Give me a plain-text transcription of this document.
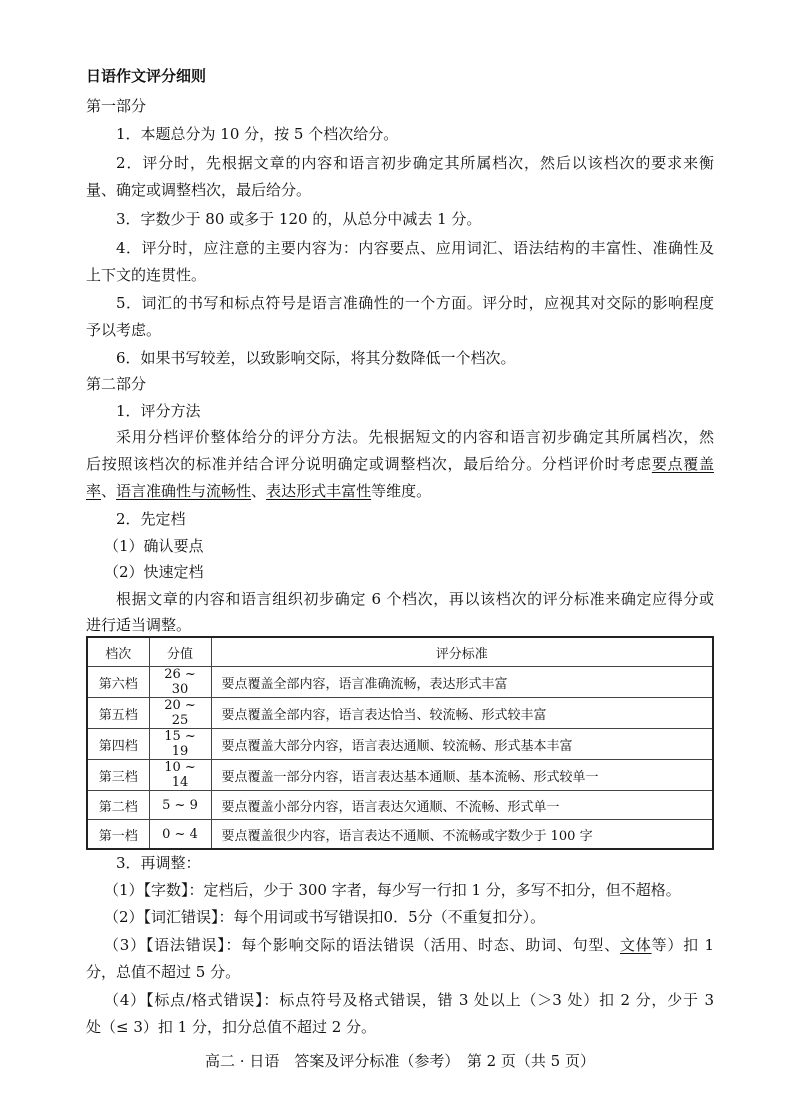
日语作文评分细则
第一部分
1．本题总分为 10 分，按 5 个档次给分。
2．评分时，先根据文章的内容和语言初步确定其所属档次，然后以该档次的要求来衡
量、确定或调整档次，最后给分。
3．字数少于 80 或多于 120 的，从总分中减去 1 分。
4．评分时，应注意的主要内容为：内容要点、应用词汇、语法结构的丰富性、准确性及
上下文的连贯性。
5．词汇的书写和标点符号是语言准确性的一个方面。评分时，应视其对交际的影响程度
予以考虑。
6．如果书写较差，以致影响交际，将其分数降低一个档次。
第二部分
1．评分方法
采用分档评价整体给分的评分方法。先根据短文的内容和语言初步确定其所属档次，然
后按照该档次的标准并结合评分说明确定或调整档次，最后给分。分档评价时考虑要点覆盖
率、语言准确性与流畅性、表达形式丰富性等维度。
2．先定档
（1）确认要点
（2）快速定档
根据文章的内容和语言组织初步确定 6 个档次，再以该档次的评分标准来确定应得分或
进行适当调整。
档次	分值	评分标准
第六档	26 ~ 30	要点覆盖全部内容，语言准确流畅，表达形式丰富
第五档	20 ~ 25	要点覆盖全部内容，语言表达恰当、较流畅、形式较丰富
第四档	15 ~ 19	要点覆盖大部分内容，语言表达通顺、较流畅、形式基本丰富
第三档	10 ~ 14	要点覆盖一部分内容，语言表达基本通顺、基本流畅、形式较单一
第二档	5 ~ 9	要点覆盖小部分内容，语言表达欠通顺、不流畅、形式单一
第一档	0 ~ 4	要点覆盖很少内容，语言表达不通顺、不流畅或字数少于 100 字
3．再调整：
（1）【字数】：定档后，少于 300 字者，每少写一行扣 1 分，多写不扣分，但不超格。
（2）【词汇错误】：每个用词或书写错误扣0．5分（不重复扣分）。
（3）【语法错误】：每个影响交际的语法错误（活用、时态、助词、句型、文体等）扣 1
分，总值不超过 5 分。
（4）【标点/格式错误】：标点符号及格式错误，错 3 处以上（＞3 处）扣 2 分，少于 3
处（≤ 3）扣 1 分，扣分总值不超过 2 分。
高二 · 日语　答案及评分标准（参考）　第 2 页（共 5 页）
